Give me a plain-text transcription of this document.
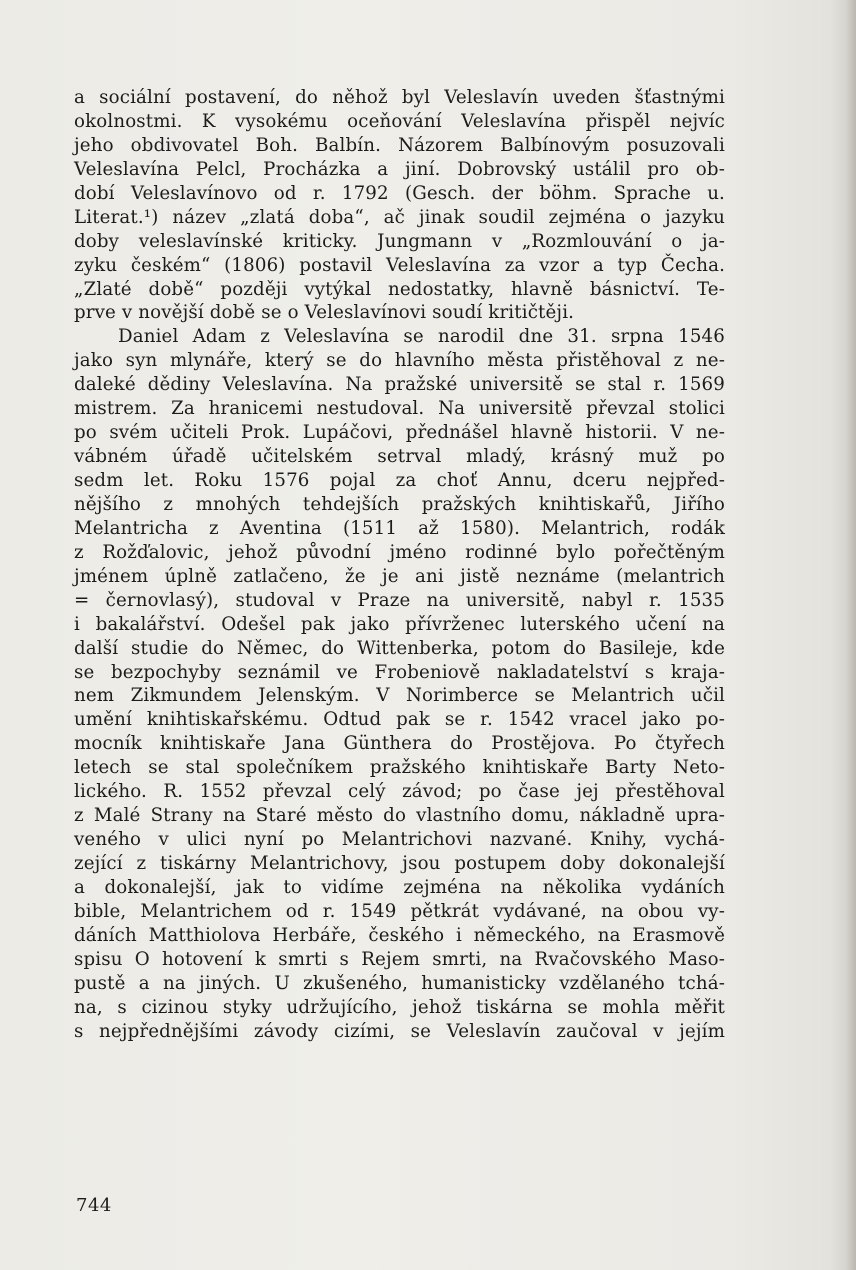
a sociální postavení, do něhož byl Veleslavín uveden šťastnými
okolnostmi. K vysokému oceňování Veleslavína přispěl nejvíc
jeho obdivovatel Boh. Balbín. Názorem Balbínovým posuzovali
Veleslavína Pelcl, Procházka a jiní. Dobrovský ustálil pro ob-
dobí Veleslavínovo od r. 1792 (Gesch. der böhm. Sprache u.
Literat.¹) název „zlatá doba“, ač jinak soudil zejména o jazyku
doby veleslavínské kriticky. Jungmann v „Rozmlouvání o ja-
zyku českém“ (1806) postavil Veleslavína za vzor a typ Čecha.
„Zlaté době“ později vytýkal nedostatky, hlavně básnictví. Te-
prve v novější době se o Veleslavínovi soudí kritičtěji.
Daniel Adam z Veleslavína se narodil dne 31. srpna 1546
jako syn mlynáře, který se do hlavního města přistěhoval z ne-
daleké dědiny Veleslavína. Na pražské universitě se stal r. 1569
mistrem. Za hranicemi nestudoval. Na universitě převzal stolici
po svém učiteli Prok. Lupáčovi, přednášel hlavně historii. V ne-
vábném úřadě učitelském setrval mladý, krásný muž po
sedm let. Roku 1576 pojal za choť Annu, dceru nejpřed-
nějšího z mnohých tehdejších pražských knihtiskařů, Jiřího
Melantricha z Aventina (1511 až 1580). Melantrich, rodák
z Rožďalovic, jehož původní jméno rodinné bylo pořečtěným
jménem úplně zatlačeno, že je ani jistě neznáme (melantrich
= černovlasý), studoval v Praze na universitě, nabyl r. 1535
i bakalářství. Odešel pak jako přívrženec luterského učení na
další studie do Němec, do Wittenberka, potom do Basileje, kde
se bezpochyby seznámil ve Frobeniově nakladatelství s kraja-
nem Zikmundem Jelenským. V Norimberce se Melantrich učil
umění knihtiskařskému. Odtud pak se r. 1542 vracel jako po-
mocník knihtiskaře Jana Günthera do Prostějova. Po čtyřech
letech se stal společníkem pražského knihtiskaře Barty Neto-
lického. R. 1552 převzal celý závod; po čase jej přestěhoval
z Malé Strany na Staré město do vlastního domu, nákladně upra-
veného v ulici nyní po Melantrichovi nazvané. Knihy, vychá-
zející z tiskárny Melantrichovy, jsou postupem doby dokonalejší
a dokonalejší, jak to vidíme zejména na několika vydáních
bible, Melantrichem od r. 1549 pětkrát vydávané, na obou vy-
dáních Matthiolova Herbáře, českého i německého, na Erasmově
spisu O hotovení k smrti s Rejem smrti, na Rvačovského Maso-
pustě a na jiných. U zkušeného, humanisticky vzdělaného tchá-
na, s cizinou styky udržujícího, jehož tiskárna se mohla měřit
s nejpřednějšími závody cizími, se Veleslavín zaučoval v jejím
744
